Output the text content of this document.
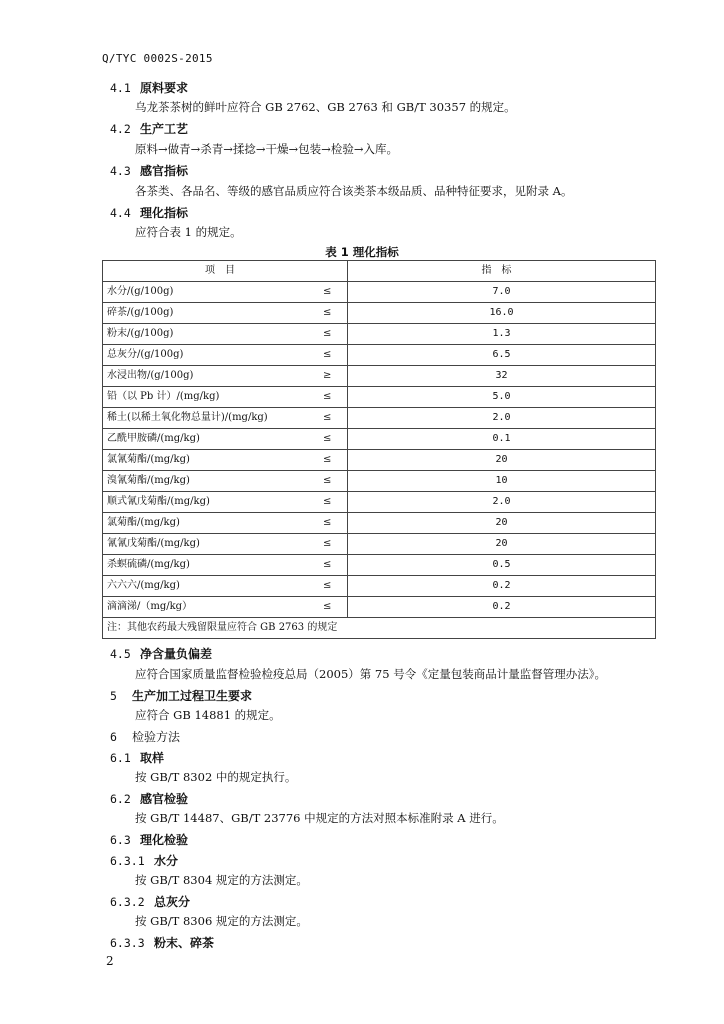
Q/TYC 0002S-2015
4.1 原料要求
乌龙茶茶树的鲜叶应符合 GB 2762、GB 2763 和 GB/T 30357 的规定。
4.2 生产工艺
原料→做青→杀青→揉捻→干燥→包装→检验→入库。
4.3 感官指标
各茶类、各品名、等级的感官品质应符合该类茶本级品质、品种特征要求，见附录 A。
4.4 理化指标
应符合表 1 的规定。
表 1 理化指标
项目		指标
水分/(g/100g)	≤	7.0
碎茶/(g/100g)	≤	16.0
粉末/(g/100g)	≤	1.3
总灰分/(g/100g)	≤	6.5
水浸出物/(g/100g)	≥	32
铅（以 Pb 计）/(mg/kg)	≤	5.0
稀土(以稀土氧化物总量计)/(mg/kg)	≤	2.0
乙酰甲胺磷/(mg/kg)	≤	0.1
氯氰菊酯/(mg/kg)	≤	20
溴氰菊酯/(mg/kg)	≤	10
顺式氰戊菊酯/(mg/kg)	≤	2.0
氯菊酯/(mg/kg)	≤	20
氰氰戊菊酯/(mg/kg)	≤	20
杀螟硫磷/(mg/kg)	≤	0.5
六六六/(mg/kg)	≤	0.2
滴滴涕/（mg/kg）	≤	0.2
注：其他农药最大残留限量应符合 GB 2763 的规定		
4.5 净含量负偏差
应符合国家质量监督检验检疫总局（2005）第 75 号令《定量包装商品计量监督管理办法》。
5 生产加工过程卫生要求
应符合 GB 14881 的规定。
6 检验方法
6.1 取样
按 GB/T 8302 中的规定执行。
6.2 感官检验
按 GB/T 14487、GB/T 23776 中规定的方法对照本标准附录 A 进行。
6.3 理化检验
6.3.1 水分
按 GB/T 8304 规定的方法测定。
6.3.2 总灰分
按 GB/T 8306 规定的方法测定。
6.3.3 粉末、碎茶
2
